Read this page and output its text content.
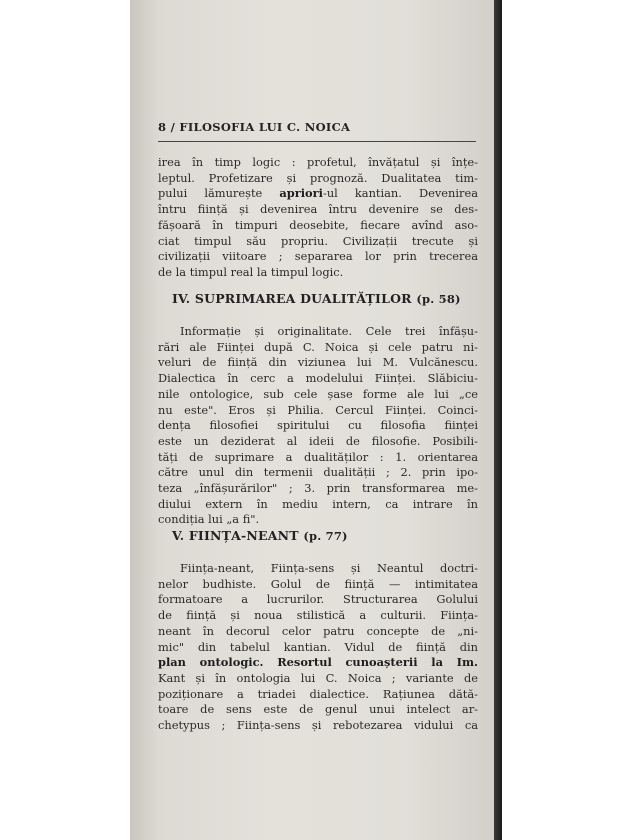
8 / FILOSOFIA LUI C. NOICA
irea în timp logic : profetul, învățatul și înțe-
leptul. Profetizare și prognoză. Dualitatea tim-
pului lămurește apriori-ul kantian. Devenirea
întru ființă și devenirea întru devenire se des-
fășoară în timpuri deosebite, fiecare avînd aso-
ciat timpul său propriu. Civilizații trecute și
civilizații viitoare ; separarea lor prin trecerea
de la timpul real la timpul logic.
IV. SUPRIMAREA DUALITĂȚILOR (p. 58)
Informație și originalitate. Cele trei înfășu-
rări ale Ființei după C. Noica și cele patru ni-
veluri de ființă din viziunea lui M. Vulcănescu.
Dialectica în cerc a modelului Ființei. Slăbiciu-
nile ontologice, sub cele șase forme ale lui „ce
nu este". Eros și Philia. Cercul Ființei. Coinci-
dența filosofiei spiritului cu filosofia ființei
este un deziderat al ideii de filosofie. Posibili-
tăți de suprimare a dualităților : 1. orientarea
către unul din termenii dualității ; 2. prin ipo-
teza „înfășurărilor" ; 3. prin transformarea me-
diului extern în mediu intern, ca intrare în
condiția lui „a fi".
V. FIINȚA-NEANT (p. 77)
Ființa-neant, Ființa-sens și Neantul doctri-
nelor budhiste. Golul de ființă — intimitatea
formatoare a lucrurilor. Structurarea Golului
de ființă și noua stilistică a culturii. Ființa-
neant în decorul celor patru concepte de „ni-
mic" din tabelul kantian. Vidul de ființă din
plan ontologic. Resortul cunoașterii la Im.
Kant și în ontologia lui C. Noica ; variante de
poziționare a triadei dialectice. Rațiunea dătă-
toare de sens este de genul unui intelect ar-
chetypus ; Ființa-sens și rebotezarea vidului ca
